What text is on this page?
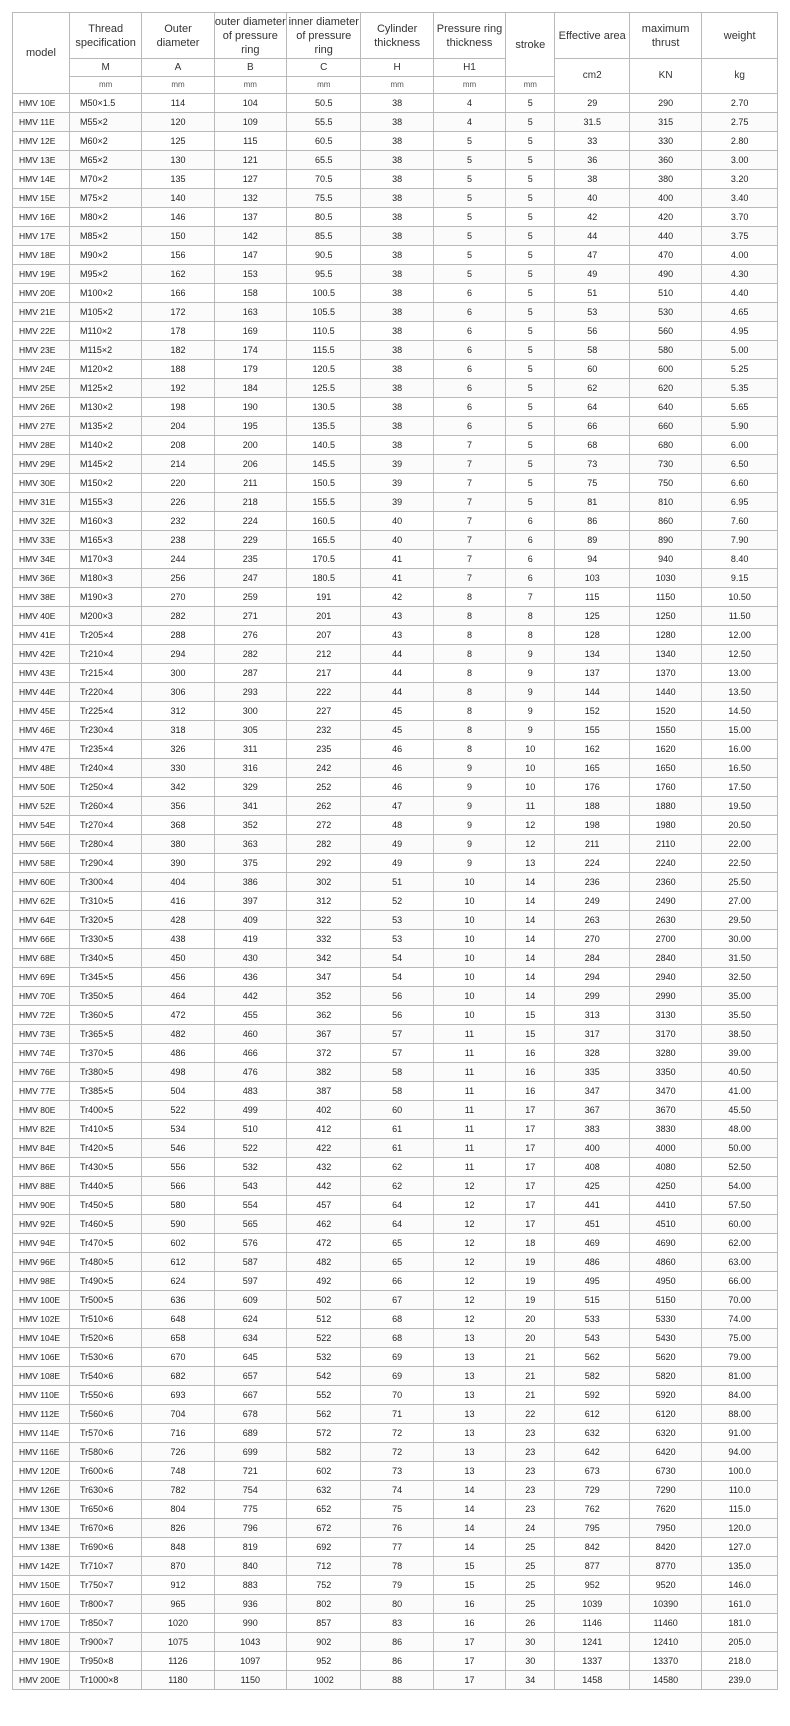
model	Thread specification	Outer diameter	outer diameter of pressure ring	inner diameter of pressure ring	Cylinder thickness	Pressure ring thickness	stroke	Effective area	maximum thrust	weight
	M	A	B	C	H	H1		cm2	KN	kg
	mm	mm	mm	mm	mm	mm	mm			
HMV 10E	M50×1.5	114	104	50.5	38	4	5	29	290	2.70
HMV 11E	M55×2	120	109	55.5	38	4	5	31.5	315	2.75
HMV 12E	M60×2	125	115	60.5	38	5	5	33	330	2.80
HMV 13E	M65×2	130	121	65.5	38	5	5	36	360	3.00
HMV 14E	M70×2	135	127	70.5	38	5	5	38	380	3.20
HMV 15E	M75×2	140	132	75.5	38	5	5	40	400	3.40
HMV 16E	M80×2	146	137	80.5	38	5	5	42	420	3.70
HMV 17E	M85×2	150	142	85.5	38	5	5	44	440	3.75
HMV 18E	M90×2	156	147	90.5	38	5	5	47	470	4.00
HMV 19E	M95×2	162	153	95.5	38	5	5	49	490	4.30
HMV 20E	M100×2	166	158	100.5	38	6	5	51	510	4.40
HMV 21E	M105×2	172	163	105.5	38	6	5	53	530	4.65
HMV 22E	M110×2	178	169	110.5	38	6	5	56	560	4.95
HMV 23E	M115×2	182	174	115.5	38	6	5	58	580	5.00
HMV 24E	M120×2	188	179	120.5	38	6	5	60	600	5.25
HMV 25E	M125×2	192	184	125.5	38	6	5	62	620	5.35
HMV 26E	M130×2	198	190	130.5	38	6	5	64	640	5.65
HMV 27E	M135×2	204	195	135.5	38	6	5	66	660	5.90
HMV 28E	M140×2	208	200	140.5	38	7	5	68	680	6.00
HMV 29E	M145×2	214	206	145.5	39	7	5	73	730	6.50
HMV 30E	M150×2	220	211	150.5	39	7	5	75	750	6.60
HMV 31E	M155×3	226	218	155.5	39	7	5	81	810	6.95
HMV 32E	M160×3	232	224	160.5	40	7	6	86	860	7.60
HMV 33E	M165×3	238	229	165.5	40	7	6	89	890	7.90
HMV 34E	M170×3	244	235	170.5	41	7	6	94	940	8.40
HMV 36E	M180×3	256	247	180.5	41	7	6	103	1030	9.15
HMV 38E	M190×3	270	259	191	42	8	7	115	1150	10.50
HMV 40E	M200×3	282	271	201	43	8	8	125	1250	11.50
HMV 41E	Tr205×4	288	276	207	43	8	8	128	1280	12.00
HMV 42E	Tr210×4	294	282	212	44	8	9	134	1340	12.50
HMV 43E	Tr215×4	300	287	217	44	8	9	137	1370	13.00
HMV 44E	Tr220×4	306	293	222	44	8	9	144	1440	13.50
HMV 45E	Tr225×4	312	300	227	45	8	9	152	1520	14.50
HMV 46E	Tr230×4	318	305	232	45	8	9	155	1550	15.00
HMV 47E	Tr235×4	326	311	235	46	8	10	162	1620	16.00
HMV 48E	Tr240×4	330	316	242	46	9	10	165	1650	16.50
HMV 50E	Tr250×4	342	329	252	46	9	10	176	1760	17.50
HMV 52E	Tr260×4	356	341	262	47	9	11	188	1880	19.50
HMV 54E	Tr270×4	368	352	272	48	9	12	198	1980	20.50
HMV 56E	Tr280×4	380	363	282	49	9	12	211	2110	22.00
HMV 58E	Tr290×4	390	375	292	49	9	13	224	2240	22.50
HMV 60E	Tr300×4	404	386	302	51	10	14	236	2360	25.50
HMV 62E	Tr310×5	416	397	312	52	10	14	249	2490	27.00
HMV 64E	Tr320×5	428	409	322	53	10	14	263	2630	29.50
HMV 66E	Tr330×5	438	419	332	53	10	14	270	2700	30.00
HMV 68E	Tr340×5	450	430	342	54	10	14	284	2840	31.50
HMV 69E	Tr345×5	456	436	347	54	10	14	294	2940	32.50
HMV 70E	Tr350×5	464	442	352	56	10	14	299	2990	35.00
HMV 72E	Tr360×5	472	455	362	56	10	15	313	3130	35.50
HMV 73E	Tr365×5	482	460	367	57	11	15	317	3170	38.50
HMV 74E	Tr370×5	486	466	372	57	11	16	328	3280	39.00
HMV 76E	Tr380×5	498	476	382	58	11	16	335	3350	40.50
HMV 77E	Tr385×5	504	483	387	58	11	16	347	3470	41.00
HMV 80E	Tr400×5	522	499	402	60	11	17	367	3670	45.50
HMV 82E	Tr410×5	534	510	412	61	11	17	383	3830	48.00
HMV 84E	Tr420×5	546	522	422	61	11	17	400	4000	50.00
HMV 86E	Tr430×5	556	532	432	62	11	17	408	4080	52.50
HMV 88E	Tr440×5	566	543	442	62	12	17	425	4250	54.00
HMV 90E	Tr450×5	580	554	457	64	12	17	441	4410	57.50
HMV 92E	Tr460×5	590	565	462	64	12	17	451	4510	60.00
HMV 94E	Tr470×5	602	576	472	65	12	18	469	4690	62.00
HMV 96E	Tr480×5	612	587	482	65	12	19	486	4860	63.00
HMV 98E	Tr490×5	624	597	492	66	12	19	495	4950	66.00
HMV 100E	Tr500×5	636	609	502	67	12	19	515	5150	70.00
HMV 102E	Tr510×6	648	624	512	68	12	20	533	5330	74.00
HMV 104E	Tr520×6	658	634	522	68	13	20	543	5430	75.00
HMV 106E	Tr530×6	670	645	532	69	13	21	562	5620	79.00
HMV 108E	Tr540×6	682	657	542	69	13	21	582	5820	81.00
HMV 110E	Tr550×6	693	667	552	70	13	21	592	5920	84.00
HMV 112E	Tr560×6	704	678	562	71	13	22	612	6120	88.00
HMV 114E	Tr570×6	716	689	572	72	13	23	632	6320	91.00
HMV 116E	Tr580×6	726	699	582	72	13	23	642	6420	94.00
HMV 120E	Tr600×6	748	721	602	73	13	23	673	6730	100.0
HMV 126E	Tr630×6	782	754	632	74	14	23	729	7290	110.0
HMV 130E	Tr650×6	804	775	652	75	14	23	762	7620	115.0
HMV 134E	Tr670×6	826	796	672	76	14	24	795	7950	120.0
HMV 138E	Tr690×6	848	819	692	77	14	25	842	8420	127.0
HMV 142E	Tr710×7	870	840	712	78	15	25	877	8770	135.0
HMV 150E	Tr750×7	912	883	752	79	15	25	952	9520	146.0
HMV 160E	Tr800×7	965	936	802	80	16	25	1039	10390	161.0
HMV 170E	Tr850×7	1020	990	857	83	16	26	1146	11460	181.0
HMV 180E	Tr900×7	1075	1043	902	86	17	30	1241	12410	205.0
HMV 190E	Tr950×8	1126	1097	952	86	17	30	1337	13370	218.0
HMV 200E	Tr1000×8	1180	1150	1002	88	17	34	1458	14580	239.0
